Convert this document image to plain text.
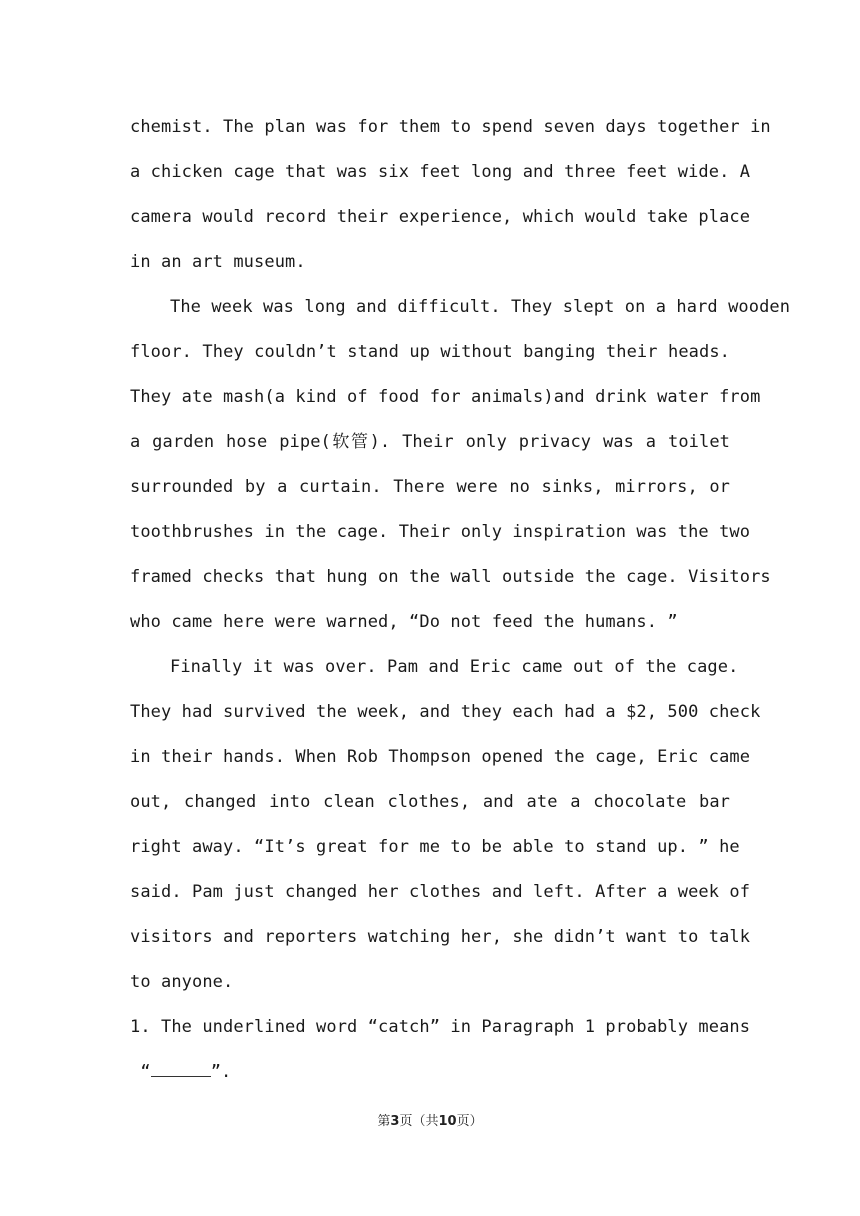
chemist. The plan was for them to spend seven days together in
a chicken cage that was six feet long and three feet wide. A
camera would record their experience, which would take place
in an art museum.
The week was long and difficult. They slept on a hard wooden
floor. They couldn’t stand up without banging their heads.
They ate mash(a kind of food for animals)and drink water from
a garden hose pipe(软管). Their only privacy was a toilet
surrounded by a curtain. There were no sinks, mirrors, or
toothbrushes in the cage. Their only inspiration was the two
framed checks that hung on the wall outside the cage. Visitors
who came here were warned, “Do not feed the humans. ”
Finally it was over. Pam and Eric came out of the cage.
They had survived the week, and they each had a $2, 500 check
in their hands. When Rob Thompson opened the cage, Eric came
out, changed into clean clothes, and ate a chocolate bar
right away. “It’s great for me to be able to stand up. ” he
said. Pam just changed her clothes and left. After a week of
visitors and reporters watching her, she didn’t want to talk
to anyone.
1. The underlined word “catch” in Paragraph 1 probably means
“	”.
第3页（共10页）
